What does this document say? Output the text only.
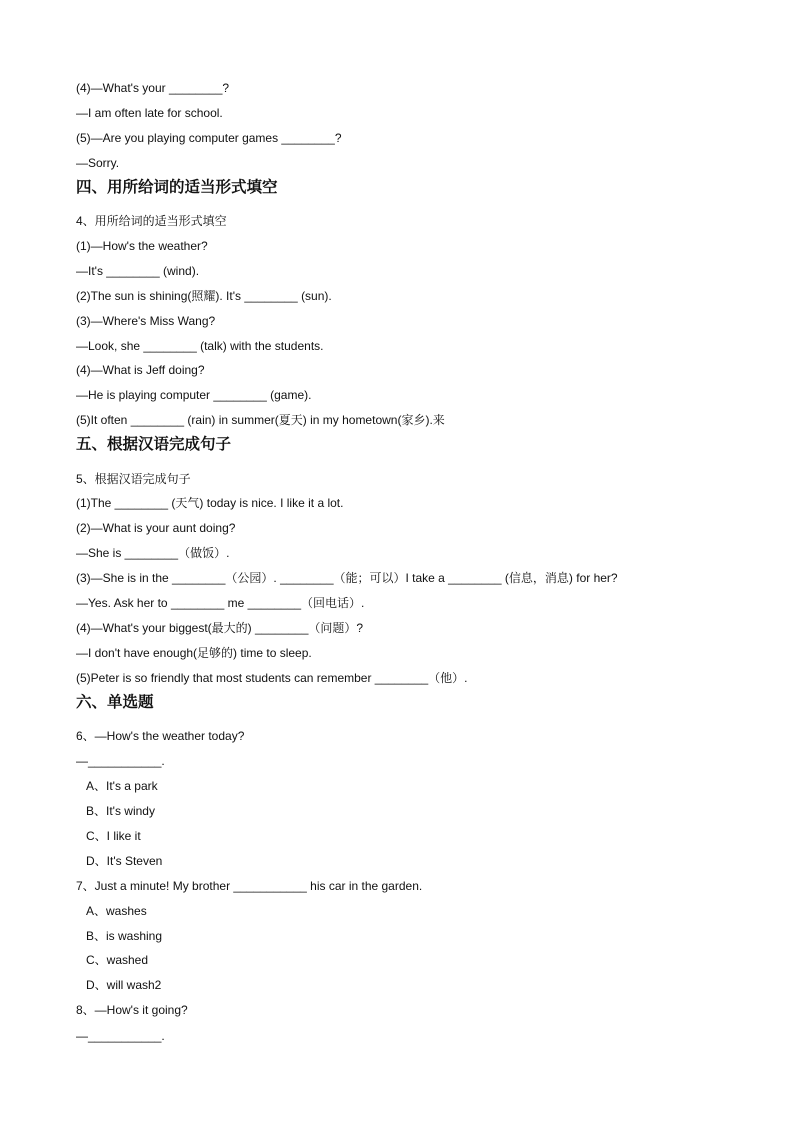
(4)—What's your ________?
—I am often late for school.
(5)—Are you playing computer games ________?
—Sorry.
四、用所给词的适当形式填空
4、用所给词的适当形式填空
(1)—How's the weather?
—It's ________ (wind).
(2)The sun is shining(照耀). It's ________ (sun).
(3)—Where's Miss Wang?
—Look, she ________ (talk) with the students.
(4)—What is Jeff doing?
—He is playing computer ________ (game).
(5)It often ________ (rain) in summer(夏天) in my hometown(家乡).来
五、根据汉语完成句子
5、根据汉语完成句子
(1)The ________ (天气) today is nice. I like it a lot.
(2)—What is your aunt doing?
—She is ________（做饭）.
(3)—She is in the ________（公园）. ________（能；可以）I take a ________ (信息，消息) for her?
—Yes. Ask her to ________ me ________（回电话）.
(4)—What's your biggest(最大的) ________（问题）?
—I don't have enough(足够的) time to sleep.
(5)Peter is so friendly that most students can remember ________（他）.
六、单选题
6、—How's the weather today?
—___________.
A、It's a park
B、It's windy
C、I like it
D、It's Steven
7、Just a minute! My brother ___________ his car in the garden.
A、washes
B、is washing
C、washed
D、will wash2
8、—How's it going?
—___________.
